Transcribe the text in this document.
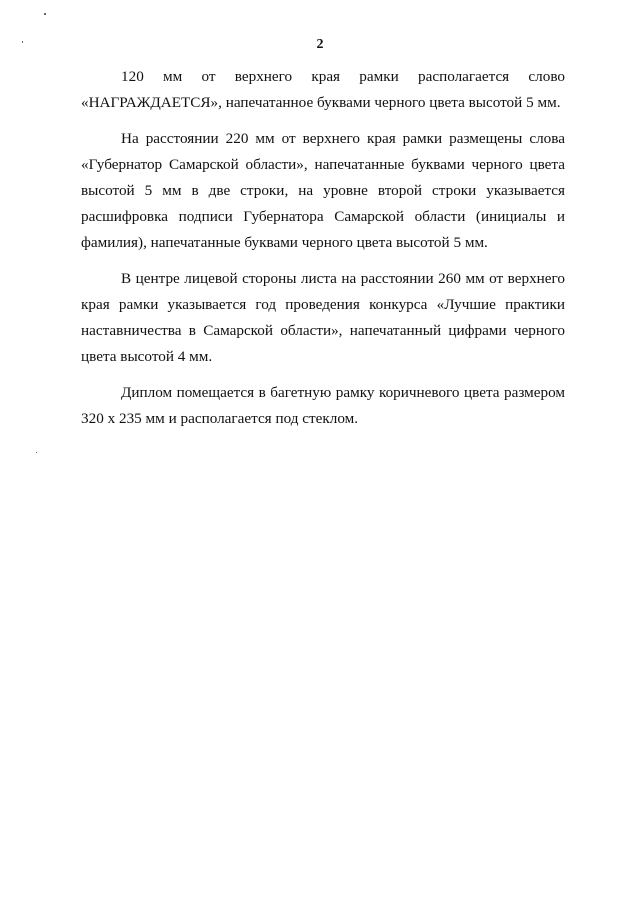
2

120 мм от верхнего края рамки располагается слово «НАГРАЖДАЕТСЯ», напечатанное буквами черного цвета высотой 5 мм.

На расстоянии 220 мм от верхнего края рамки размещены слова «Губернатор Самарской области», напечатанные буквами черного цвета высотой 5 мм в две строки, на уровне второй строки указывается расшифровка подписи Губернатора Самарской области (инициалы и фамилия), напечатанные буквами черного цвета высотой 5 мм.

В центре лицевой стороны листа на расстоянии 260 мм от верхнего края рамки указывается год проведения конкурса «Лучшие практики наставничества в Самарской области», напечатанный цифрами черного цвета высотой 4 мм.

Диплом помещается в багетную рамку коричневого цвета размером 320 х 235 мм и располагается под стеклом.
